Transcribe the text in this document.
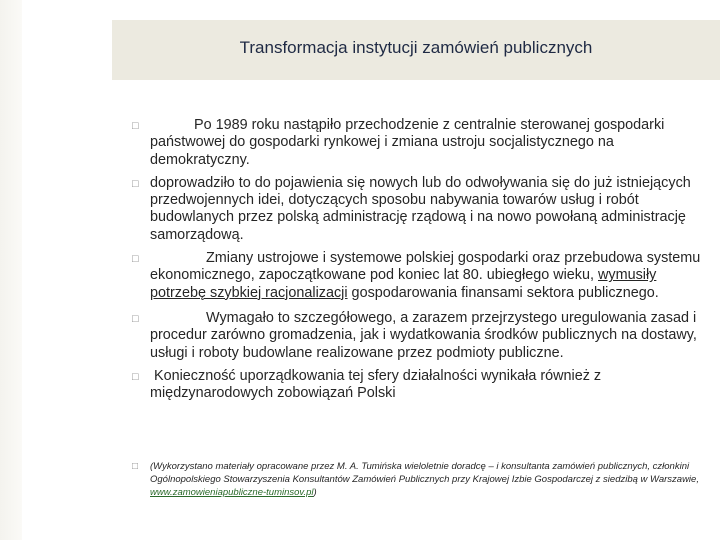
Transformacja instytucji zamówień publicznych
□	Po 1989 roku nastąpiło przechodzenie z centralnie sterowanej gospodarki państwowej do gospodarki rynkowej i zmiana ustroju socjalistycznego na demokratyczny.
□ doprowadziło to do pojawienia się nowych lub do odwoływania się do już istniejących przedwojennych idei, dotyczących sposobu nabywania towarów usług i robót budowlanych przez polską administrację rządową i na nowo powołaną administrację samorządową.
□	Zmiany ustrojowe i systemowe polskiej gospodarki oraz przebudowa systemu ekonomicznego, zapoczątkowane pod koniec lat 80. ubiegłego wieku, wymusiły potrzebę szybkiej racjonalizacji gospodarowania finansami sektora publicznego.
□	Wymagało to szczegółowego, a zarazem przejrzystego uregulowania zasad i procedur zarówno gromadzenia, jak i wydatkowania środków publicznych na dostawy, usługi i roboty budowlane realizowane przez podmioty publiczne.
□ Konieczność uporządkowania tej sfery działalności wynikała również z międzynarodowych zobowiązań Polski
□ (Wykorzystano materiały opracowane przez M. A. Tumińska wieloletnie doradcę – i konsultanta zamówień publicznych, członkini Ogólnopolskiego Stowarzyszenia Konsultantów Zamówień Publicznych przy Krajowej Izbie Gospodarczej z siedzibą w Warszawie, www.zamowieniapubliczne-tuminsov.pl)
